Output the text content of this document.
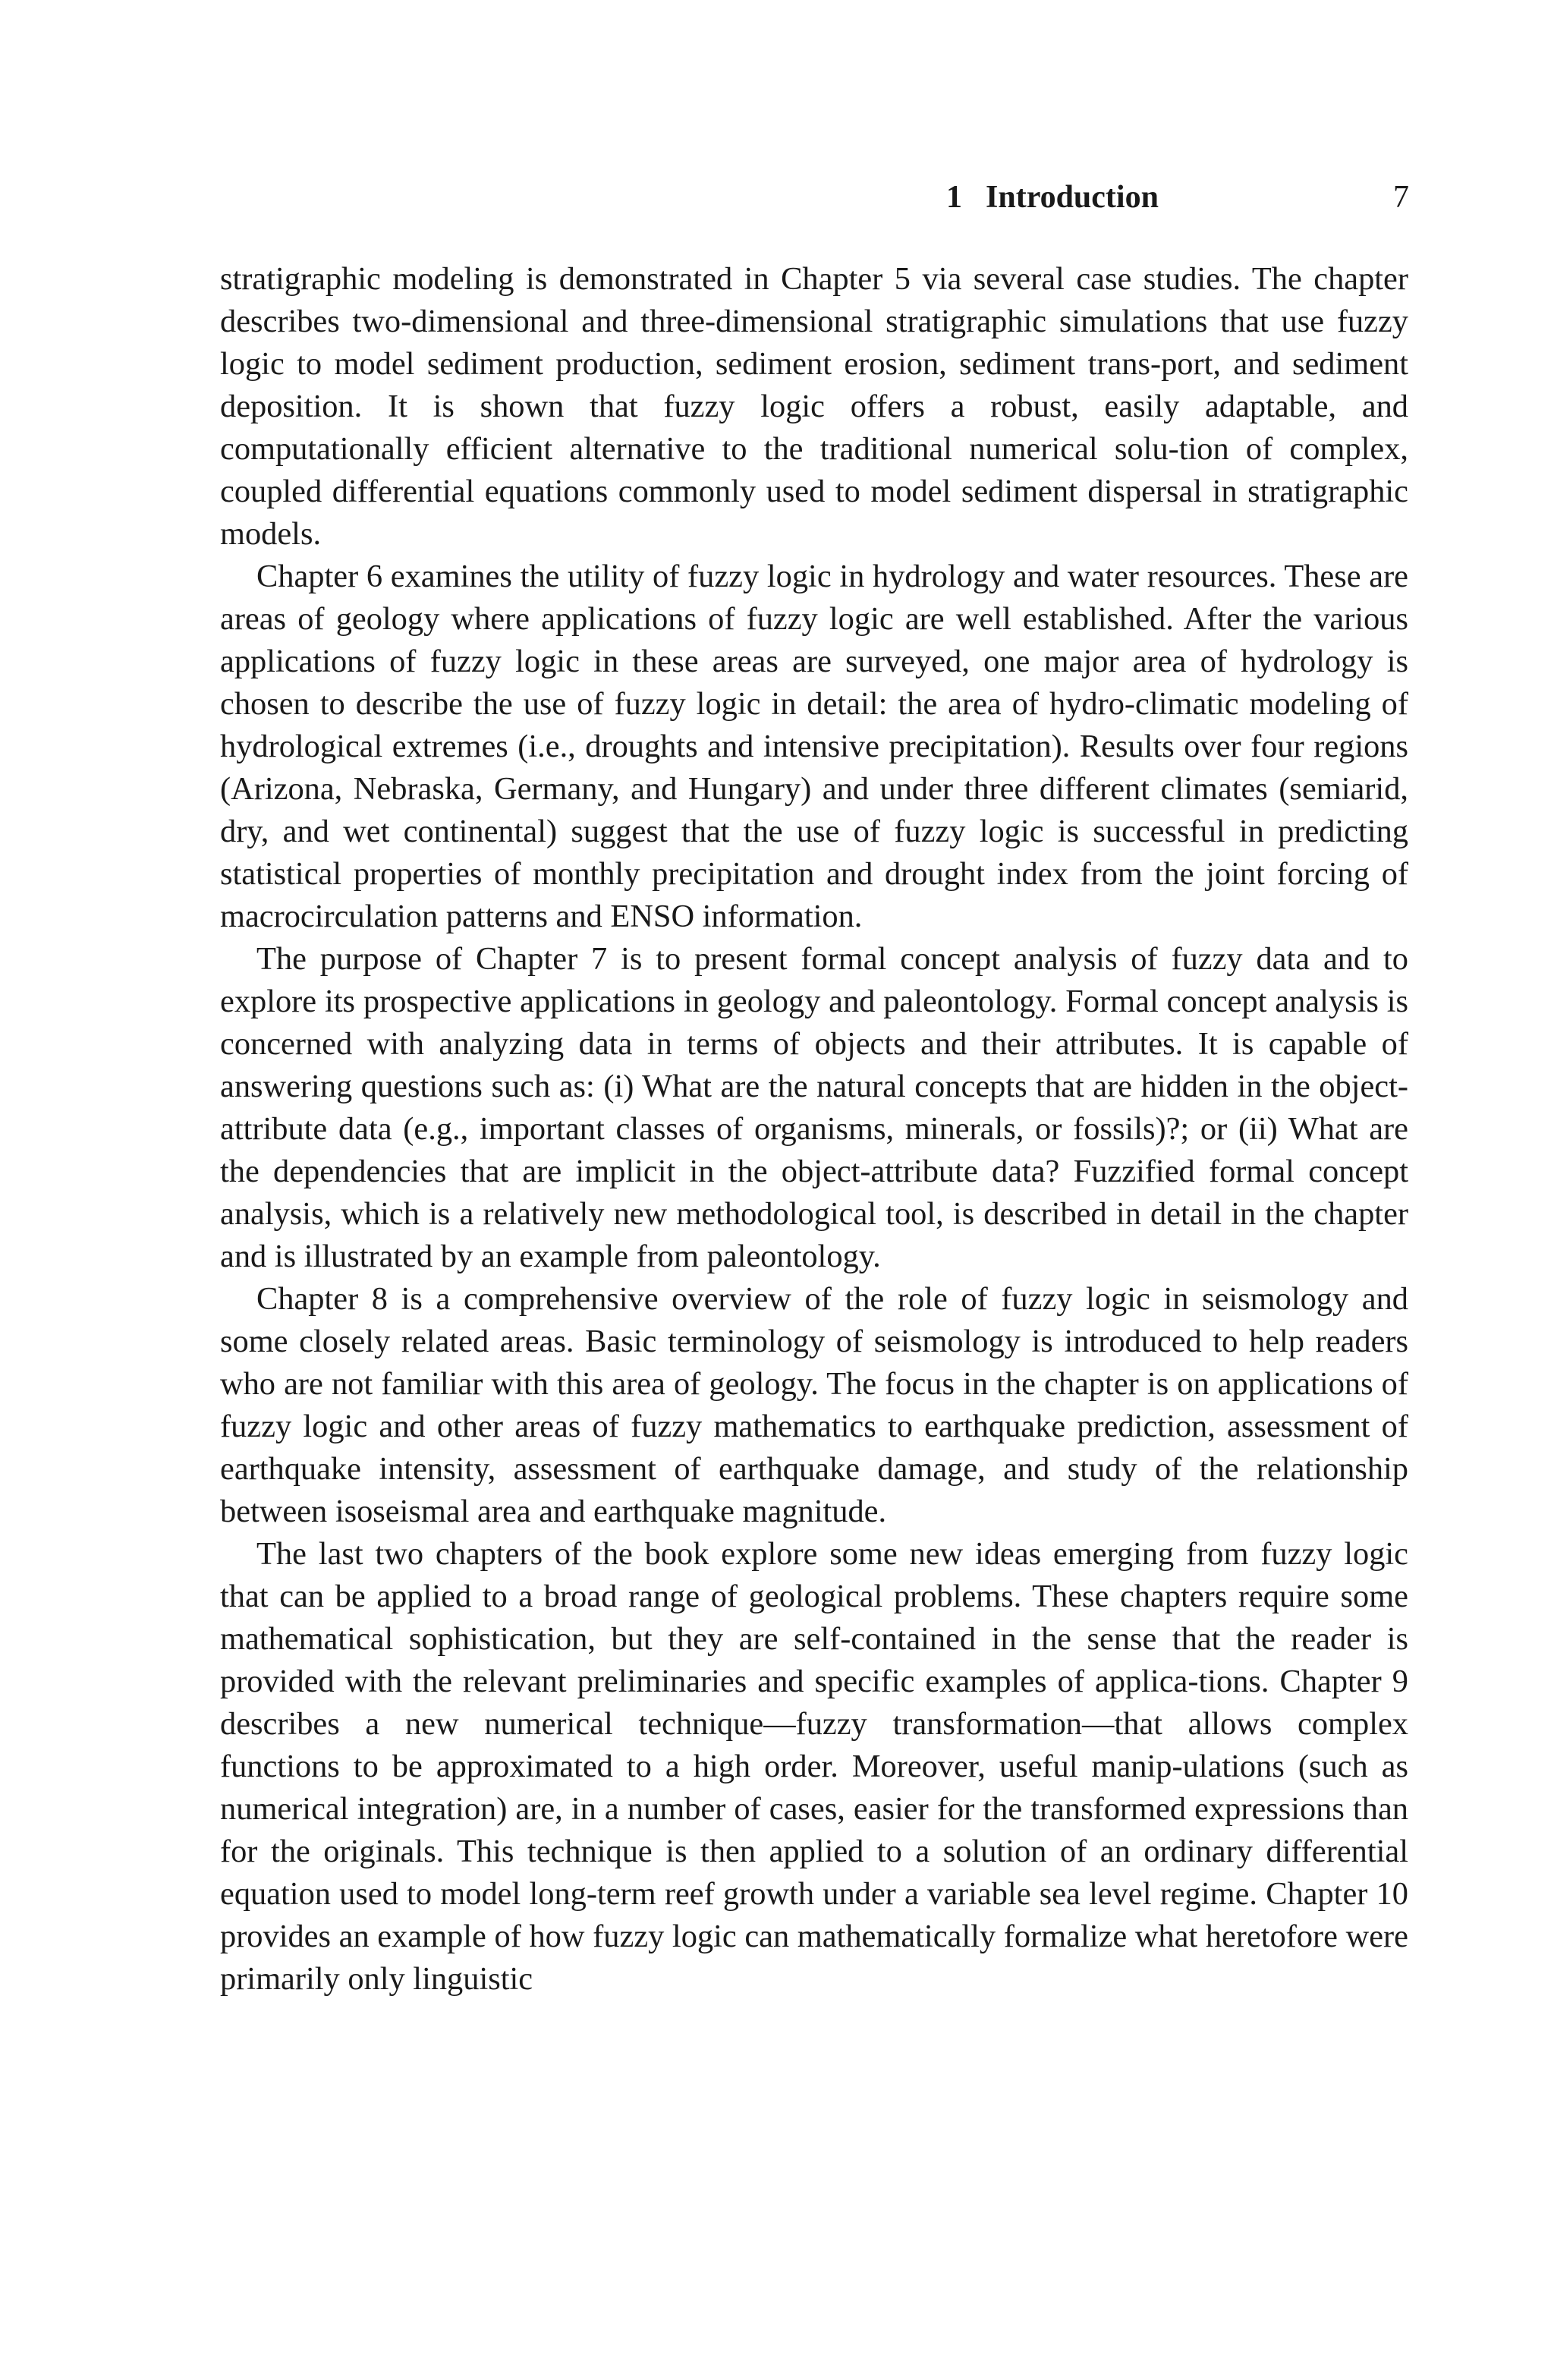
1 Introduction	7

stratigraphic modeling is demonstrated in Chapter 5 via several case studies. The chapter describes two-dimensional and three-dimensional stratigraphic simulations that use fuzzy logic to model sediment production, sediment erosion, sediment trans-port, and sediment deposition. It is shown that fuzzy logic offers a robust, easily adaptable, and computationally efficient alternative to the traditional numerical solu-tion of complex, coupled differential equations commonly used to model sediment dispersal in stratigraphic models.

Chapter 6 examines the utility of fuzzy logic in hydrology and water resources. These are areas of geology where applications of fuzzy logic are well established. After the various applications of fuzzy logic in these areas are surveyed, one major area of hydrology is chosen to describe the use of fuzzy logic in detail: the area of hydro-climatic modeling of hydrological extremes (i.e., droughts and intensive precipitation). Results over four regions (Arizona, Nebraska, Germany, and Hungary) and under three different climates (semiarid, dry, and wet continental) suggest that the use of fuzzy logic is successful in predicting statistical properties of monthly precipitation and drought index from the joint forcing of macrocirculation patterns and ENSO information.

The purpose of Chapter 7 is to present formal concept analysis of fuzzy data and to explore its prospective applications in geology and paleontology. Formal concept analysis is concerned with analyzing data in terms of objects and their attributes. It is capable of answering questions such as: (i) What are the natural concepts that are hidden in the object-attribute data (e.g., important classes of organisms, minerals, or fossils)?; or (ii) What are the dependencies that are implicit in the object-attribute data? Fuzzified formal concept analysis, which is a relatively new methodological tool, is described in detail in the chapter and is illustrated by an example from paleontology.

Chapter 8 is a comprehensive overview of the role of fuzzy logic in seismology and some closely related areas. Basic terminology of seismology is introduced to help readers who are not familiar with this area of geology. The focus in the chapter is on applications of fuzzy logic and other areas of fuzzy mathematics to earthquake prediction, assessment of earthquake intensity, assessment of earthquake damage, and study of the relationship between isoseismal area and earthquake magnitude.

The last two chapters of the book explore some new ideas emerging from fuzzy logic that can be applied to a broad range of geological problems. These chapters require some mathematical sophistication, but they are self-contained in the sense that the reader is provided with the relevant preliminaries and specific examples of applica-tions. Chapter 9 describes a new numerical technique—fuzzy transformation—that allows complex functions to be approximated to a high order. Moreover, useful manip-ulations (such as numerical integration) are, in a number of cases, easier for the transformed expressions than for the originals. This technique is then applied to a solution of an ordinary differential equation used to model long-term reef growth under a variable sea level regime. Chapter 10 provides an example of how fuzzy logic can mathematically formalize what heretofore were primarily only linguistic
